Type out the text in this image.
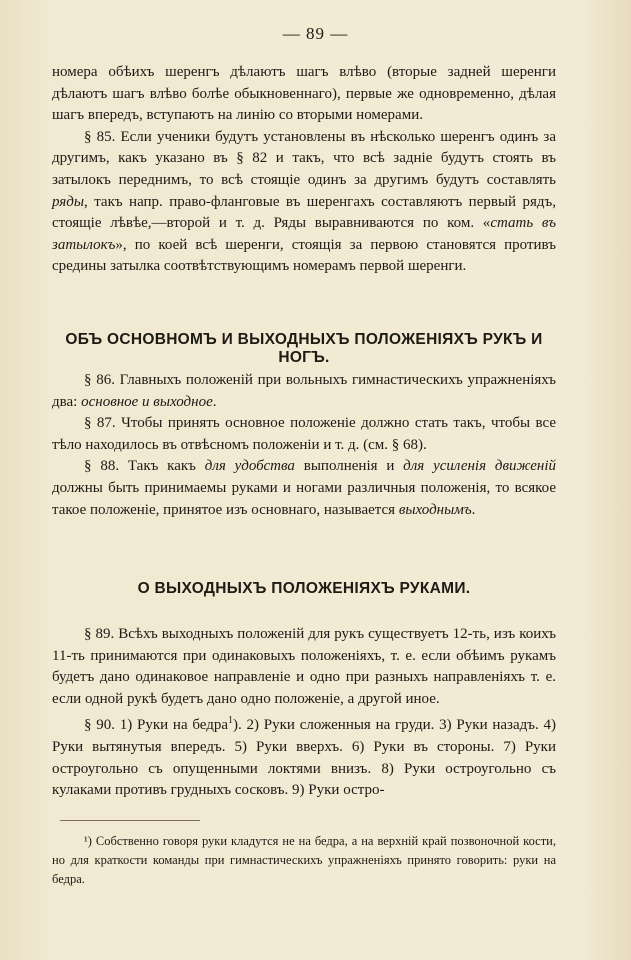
— 89 —

номера обѣихъ шеренгъ дѣлаютъ шагъ влѣво (вторые задней шеренги дѣлаютъ шагъ влѣво болѣе обыкновеннаго), первые же одновременно, дѣлая шагъ впередъ, вступаютъ на линію со вторыми номерами.

§ 85. Если ученики будутъ установлены въ нѣсколько шеренгъ одинъ за другимъ, какъ указано въ § 82 и такъ, что всѣ задніе будутъ стоять въ затылокъ переднимъ, то всѣ стоящіе одинъ за другимъ будутъ составлять ряды, такъ напр. право-фланговые въ шеренгахъ составляютъ первый рядъ, стоящіе лѣвѣе,—второй и т. д. Ряды выравниваются по ком. «стать въ затылокъ», по коей всѣ шеренги, стоящія за первою становятся противъ средины затылка соотвѣтствующимъ номерамъ первой шеренги.

ОБЪ ОСНОВНОМЪ И ВЫХОДНЫХЪ ПОЛОЖЕНІЯХЪ РУКЪ И НОГЪ.

§ 86. Главныхъ положеній при вольныхъ гимнастическихъ упражненіяхъ два: основное и выходное.

§ 87. Чтобы принять основное положеніе должно стать такъ, чтобы все тѣло находилось въ отвѣсномъ положеніи и т. д. (см. § 68).

§ 88. Такъ какъ для удобства выполненія и для усиленія движеній должны быть принимаемы руками и ногами различныя положенія, то всякое такое положеніе, принятое изъ основнаго, называется выходнымъ.

О ВЫХОДНЫХЪ ПОЛОЖЕНІЯХЪ РУКАМИ.

§ 89. Всѣхъ выходныхъ положеній для рукъ существуетъ 12-ть, изъ коихъ 11-ть принимаются при одинаковыхъ положеніяхъ, т. е. если обѣимъ рукамъ будетъ дано одинаковое направленіе и одно при разныхъ направленіяхъ т. е. если одной рукѣ будетъ дано одно положеніе, а другой иное.

§ 90. 1) Руки на бедра$^1$). 2) Руки сложенныя на груди. 3) Руки назадъ. 4) Руки вытянутыя впередъ. 5) Руки вверхъ. 6) Руки въ стороны. 7) Руки остроугольно съ опущенными локтями внизъ. 8) Руки остроугольно съ кулаками противъ грудныхъ сосковъ. 9) Руки остро-

¹) Собственно говоря руки кладутся не на бедра, а на верхній край позвоночной кости, но для краткости команды при гимнастическихъ упражненіяхъ принято говорить: руки на бедра.
